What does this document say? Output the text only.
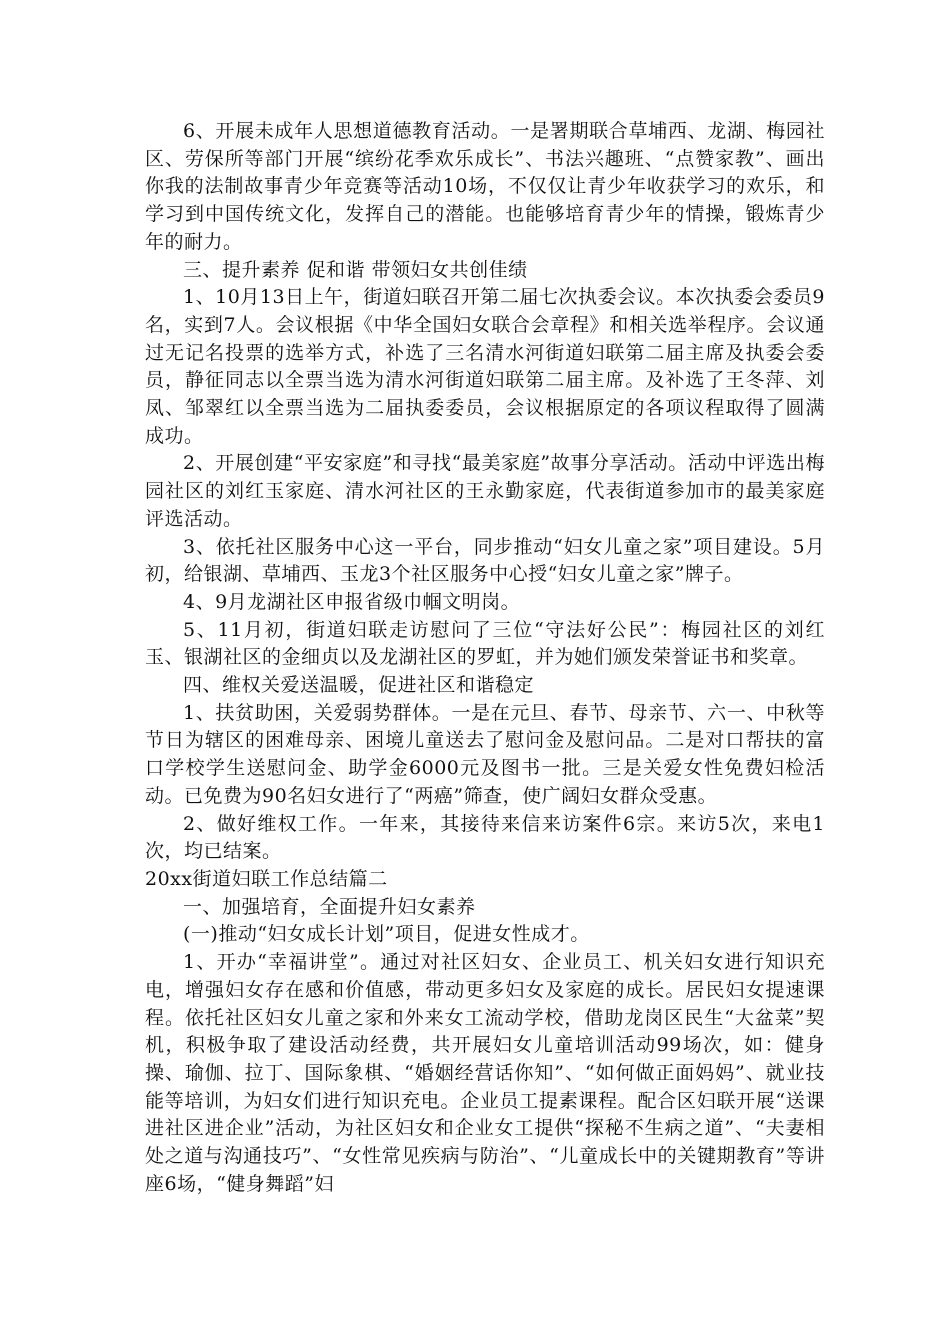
6、开展未成年人思想道德教育活动。一是署期联合草埔西、龙湖、梅园社区、劳保所等部门开展“缤纷花季欢乐成长”、书法兴趣班、“点赞家教”、画出你我的法制故事青少年竞赛等活动10场，不仅仅让青少年收获学习的欢乐，和学习到中国传统文化，发挥自己的潜能。也能够培育青少年的情操，锻炼青少年的耐力。

三、提升素养 促和谐 带领妇女共创佳绩

1、10月13日上午，街道妇联召开第二届七次执委会议。本次执委会委员9名，实到7人。会议根据《中华全国妇女联合会章程》和相关选举程序。会议通过无记名投票的选举方式，补选了三名清水河街道妇联第二届主席及执委会委员，静征同志以全票当选为清水河街道妇联第二届主席。及补选了王冬萍、刘凤、邹翠红以全票当选为二届执委委员，会议根据原定的各项议程取得了圆满成功。

2、开展创建“平安家庭”和寻找“最美家庭”故事分享活动。活动中评选出梅园社区的刘红玉家庭、清水河社区的王永勤家庭，代表街道参加市的最美家庭评选活动。

3、依托社区服务中心这一平台，同步推动“妇女儿童之家”项目建设。5月初，给银湖、草埔西、玉龙3个社区服务中心授“妇女儿童之家”牌子。

4、9月龙湖社区申报省级巾帼文明岗。

5、11月初，街道妇联走访慰问了三位“守法好公民”：梅园社区的刘红玉、银湖社区的金细贞以及龙湖社区的罗虹，并为她们颁发荣誉证书和奖章。

四、维权关爱送温暖，促进社区和谐稳定

1、扶贫助困，关爱弱势群体。一是在元旦、春节、母亲节、六一、中秋等节日为辖区的困难母亲、困境儿童送去了慰问金及慰问品。二是对口帮扶的富口学校学生送慰问金、助学金6000元及图书一批。三是关爱女性免费妇检活动。已免费为90名妇女进行了“两癌”筛查，使广阔妇女群众受惠。

2、做好维权工作。一年来，其接待来信来访案件6宗。来访5次，来电1次，均已结案。

20xx街道妇联工作总结篇二

一、加强培育，全面提升妇女素养

(一)推动“妇女成长计划”项目，促进女性成才。

1、开办“幸福讲堂”。通过对社区妇女、企业员工、机关妇女进行知识充电，增强妇女存在感和价值感，带动更多妇女及家庭的成长。居民妇女提速课程。依托社区妇女儿童之家和外来女工流动学校，借助龙岗区民生“大盆菜”契机，积极争取了建设活动经费，共开展妇女儿童培训活动99场次，如：健身操、瑜伽、拉丁、国际象棋、“婚姻经营话你知”、“如何做正面妈妈”、就业技能等培训，为妇女们进行知识充电。企业员工提素课程。配合区妇联开展“送课进社区进企业”活动，为社区妇女和企业女工提供“探秘不生病之道”、“夫妻相处之道与沟通技巧”、“女性常见疾病与防治”、“儿童成长中的关键期教育”等讲座6场，“健身舞蹈”妇
